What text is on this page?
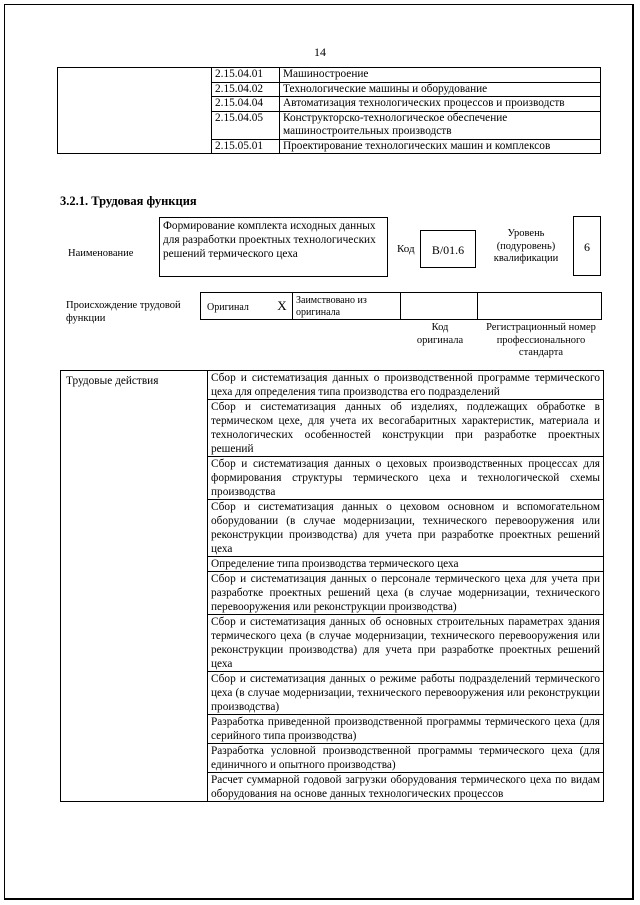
14
	2.15.04.01	Машиностроение
	2.15.04.02	Технологические машины и оборудование
	2.15.04.04	Автоматизация технологических процессов и производств
	2.15.04.05	Конструкторско-технологическое обеспечение машиностроительных производств
	2.15.05.01	Проектирование технологических машин и комплексов
3.2.1. Трудовая функция
Наименование
Формирование комплекта исходных данных для разработки проектных технологических решений термического цеха	Код	B/01.6
Уровень (подуровень) квалификации
6
Происхождение трудовой функции
Оригинал	X Заимствовано из оригинала
Код оригинала
Регистрационный номер профессионального стандарта
Трудовые действия	Сбор и систематизация данных о производственной программе термического цеха для определения типа производства его подразделений
Сбор и систематизация данных об изделиях, подлежащих обработке в термическом цехе, для учета их весогабаритных характеристик, материала и технологических особенностей конструкции при разработке проектных решений
Сбор и систематизация данных о цеховых производственных процессах для формирования структуры термического цеха и технологической схемы производства
Сбор и систематизация данных о цеховом основном и вспомогательном оборудовании (в случае модернизации, технического перевооружения или реконструкции производства) для учета при разработке проектных решений цеха
Определение типа производства термического цеха
Сбор и систематизация данных о персонале термического цеха для учета при разработке проектных решений цеха (в случае модернизации, технического перевооружения или реконструкции производства)
Сбор и систематизация данных об основных строительных параметрах здания термического цеха (в случае модернизации, технического перевооружения или реконструкции производства) для учета при разработке проектных решений цеха
Сбор и систематизация данных о режиме работы подразделений термического цеха (в случае модернизации, технического перевооружения или реконструкции производства)
Разработка приведенной производственной программы термического цеха (для серийного типа производства)
Разработка условной производственной программы термического цеха (для единичного и опытного производства)
Расчет суммарной годовой загрузки оборудования термического цеха по видам оборудования на основе данных технологических процессов
